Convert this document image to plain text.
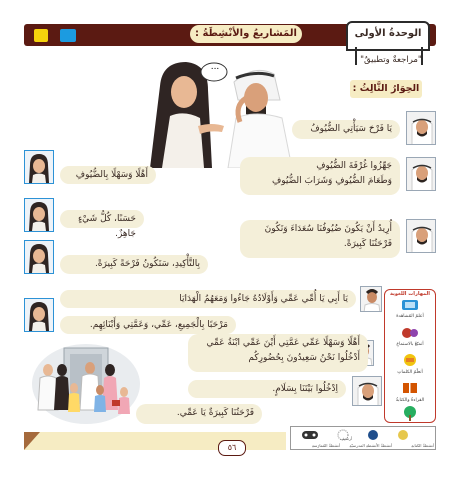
المَشاريعُ والأنْشِطَةُ :	الوحدةُ الأولى
"مراجعةٌ وتطبيقٌ"
...
الحِوَارُ الثَّالِثُ :
يَا فَرْحَ سَيَأْتِي الضُّيُوفُ
جَهِّزُوا غُرْفَةَ الضُّيُوفِ
وَطَعَامَ الضُّيُوفِ وَشَرَابَ الضُّيُوفِ
أَهْلًا وَسَهْلًا بِالضُّيُوفِ
حَسَنًا، كُلُّ شَيْءٍ جَاهِزٌ.	أُرِيدُ أَنْ يَكُونَ ضُيُوفُنَا سُعَدَاءَ وَتَكُونَ
فَرْحَتُنَا كَبِيرَةً.
بِالتَّأْكِيدِ، سَتَكُونُ فَرْحَةً كَبِيرَةً.
يَا أَبِي يَا أُمِّي عَمِّي وَأَوْلَادُهُ جَاءُوا وَمَعَهُمُ الْهَدَايَا
مَرْحَبًا بِالْجَمِيعِ، عَمِّي، وَعَمَّتِي وَأَبْنَائِهِم.
أَهْلًا وَسَهْلًا عَمِّي عَمَّتِي أَيْنَ عَمِّي ابْنَةُ عَمِّي
أَدْخُلُوا نَحْنُ سَعِيدُونَ بِحُضُورِكُم
اِدْخُلُوا بَيْتَنَا بِسَلَامٍ.
فَرْحَتُنَا كَبِيرَةٌ يَا عَمِّي.
المهارات اللغوية
أعلمُ المُشاهَدةَ
أتمتّعُ بالاستماعِ
أتعلّمُ الكلماتِ
القراءةُ والكتابةُ
أنشطةُ الكتابةِ
أنشطةُ الأنشطةِ المدرسيّةِ
أنشطةُ المُمارَسةِ
أرشيف
٥٦
